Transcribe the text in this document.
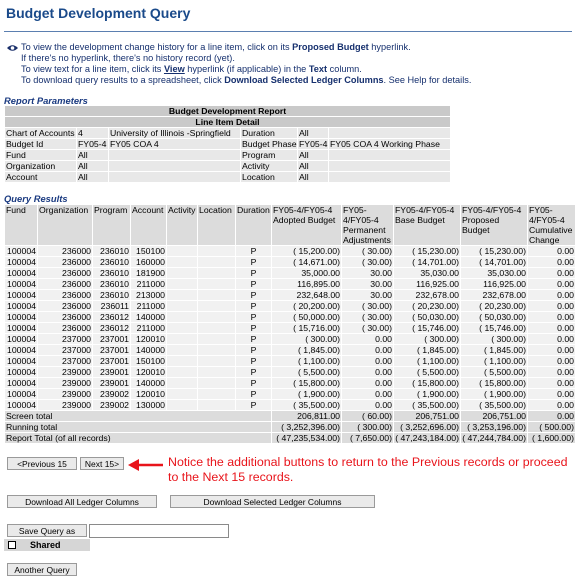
Budget Development Query
To view the development change history for a line item, click on its Proposed Budget hyperlink.
If there's no hyperlink, there's no history record (yet).
To view text for a line item, click its View hyperlink (if applicable) in the Text column.
To download query results to a spreadsheet, click Download Selected Ledger Columns. See Help for details.
Report Parameters
Budget Development Report					
Line Item Detail					
Chart of Accounts	4	University of Illinois -Springfield	Duration	All	
Budget Id	FY05-4	FY05 COA 4	Budget Phase	FY05-4	FY05 COA 4 Working Phase
Fund	All		Program	All	
Organization	All		Activity	All	
Account	All		Location	All	
Query Results
Fund	Organization	Program	Account	Activity	Location	Duration	FY05-4/FY05-4 Adopted Budget	FY05-4/FY05-4 Permanent Adjustments	FY05-4/FY05-4 Base Budget	FY05-4/FY05-4 Proposed Budget	FY05-4/FY05-4 Cumulative Change
100004	236000	236010	150100			P	( 15,200.00)	( 30.00)	( 15,230.00)	( 15,230.00)	0.00
100004	236000	236010	160000			P	( 14,671.00)	( 30.00)	( 14,701.00)	( 14,701.00)	0.00
100004	236000	236010	181900			P	35,000.00	30.00	35,030.00	35,030.00	0.00
100004	236000	236010	211000			P	116,895.00	30.00	116,925.00	116,925.00	0.00
100004	236000	236010	213000			P	232,648.00	30.00	232,678.00	232,678.00	0.00
100004	236000	236011	211000			P	( 20,200.00)	( 30.00)	( 20,230.00)	( 20,230.00)	0.00
100004	236000	236012	140000			P	( 50,000.00)	( 30.00)	( 50,030.00)	( 50,030.00)	0.00
100004	236000	236012	211000			P	( 15,716.00)	( 30.00)	( 15,746.00)	( 15,746.00)	0.00
100004	237000	237001	120010			P	( 300.00)	0.00	( 300.00)	( 300.00)	0.00
100004	237000	237001	140000			P	( 1,845.00)	0.00	( 1,845.00)	( 1,845.00)	0.00
100004	237000	237001	150100			P	( 1,100.00)	0.00	( 1,100.00)	( 1,100.00)	0.00
100004	239000	239001	120010			P	( 5,500.00)	0.00	( 5,500.00)	( 5,500.00)	0.00
100004	239000	239001	140000			P	( 15,800.00)	0.00	( 15,800.00)	( 15,800.00)	0.00
100004	239000	239002	120010			P	( 1,900.00)	0.00	( 1,900.00)	( 1,900.00)	0.00
100004	239000	239002	130000			P	( 35,500.00)	0.00	( 35,500.00)	( 35,500.00)	0.00
Screen total							206,811.00	( 60.00)	206,751.00	206,751.00	0.00
Running total							( 3,252,396.00)	( 300.00)	( 3,252,696.00)	( 3,253,196.00)	( 500.00)
Report Total (of all records)							( 47,235,534.00)	( 7,650.00)	( 47,243,184.00)	( 47,244,784.00)	( 1,600.00)
<Previous 15	Next 15>	Notice the additional buttons to return to the Previous records or proceed to the Next 15 records.
Download All Ledger Columns	Download Selected Ledger Columns
Save Query as
Shared
Another Query
